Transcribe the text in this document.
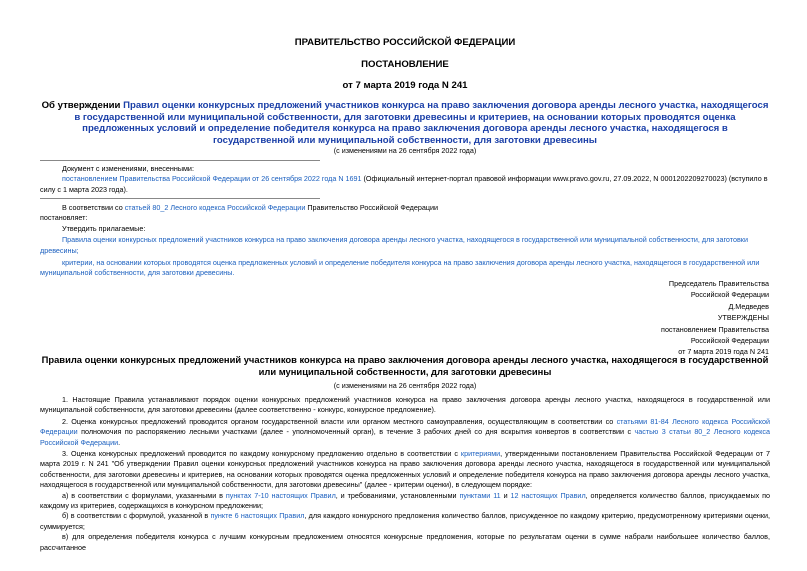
ПРАВИТЕЛЬСТВО РОССИЙСКОЙ ФЕДЕРАЦИИ
ПОСТАНОВЛЕНИЕ
от 7 марта 2019 года N 241
Об утверждении Правил оценки конкурсных предложений участников конкурса на право заключения договора аренды лесного участка, находящегося в государственной или муниципальной собственности, для заготовки древесины и критериев, на основании которых проводятся оценка предложенных условий и определение победителя конкурса на право заключения договора аренды лесного участка, находящегося в государственной или муниципальной собственности, для заготовки древесины
(с изменениями на 26 сентября 2022 года)

Документ с изменениями, внесенными:

постановлением Правительства Российской Федерации от 26 сентября 2022 года N 1691 (Официальный интернет-портал правовой информации www.pravo.gov.ru, 27.09.2022, N 0001202209270023) (вступило в силу с 1 марта 2023 года).

В соответствии со статьей 80_2 Лесного кодекса Российской Федерации Правительство Российской Федерации

постановляет:

Утвердить прилагаемые:

Правила оценки конкурсных предложений участников конкурса на право заключения договора аренды лесного участка, находящегося в государственной или муниципальной собственности, для заготовки древесины;

критерии, на основании которых проводятся оценка предложенных условий и определение победителя конкурса на право заключения договора аренды лесного участка, находящегося в государственной или муниципальной собственности, для заготовки древесины.

Председатель Правительства
Российской Федерации
Д.Медведев
УТВЕРЖДЕНЫ
постановлением Правительства
Российской Федерации
от 7 марта 2019 года N 241
Правила оценки конкурсных предложений участников конкурса на право заключения договора аренды лесного участка, находящегося в государственной или муниципальной собственности, для заготовки древесины
(с изменениями на 26 сентября 2022 года)

1. Настоящие Правила устанавливают порядок оценки конкурсных предложений участников конкурса на право заключения договора аренды лесного участка, находящегося в государственной или муниципальной собственности, для заготовки древесины (далее соответственно - конкурс, конкурсное предложение).

2. Оценка конкурсных предложений проводится органом государственной власти или органом местного самоуправления, осуществляющим в соответствии со статьями 81-84 Лесного кодекса Российской Федерации полномочия по распоряжению лесными участками (далее - уполномоченный орган), в течение 3 рабочих дней со дня вскрытия конвертов в соответствии с частью 3 статьи 80_2 Лесного кодекса Российской Федерации.

3. Оценка конкурсных предложений проводится по каждому конкурсному предложению отдельно в соответствии с критериями, утвержденными постановлением Правительства Российской Федерации от 7 марта 2019 г. N 241 "Об утверждении Правил оценки конкурсных предложений участников конкурса на право заключения договора аренды лесного участка, находящегося в государственной или муниципальной собственности, для заготовки древесины и критериев, на основании которых проводятся оценка предложенных условий и определение победителя конкурса на право заключения договора аренды лесного участка, находящегося в государственной или муниципальной собственности, для заготовки древесины" (далее - критерии оценки), в следующем порядке:

а) в соответствии с формулами, указанными в пунктах 7-10 настоящих Правил, и требованиями, установленными пунктами 11 и 12 настоящих Правил, определяется количество баллов, присуждаемых по каждому из критериев, содержащихся в конкурсном предложении;

б) в соответствии с формулой, указанной в пункте 6 настоящих Правил, для каждого конкурсного предложения количество баллов, присужденное по каждому критерию, предусмотренному критериями оценки, суммируется;

в) для определения победителя конкурса с лучшим конкурсным предложением относятся конкурсные предложения, которые по результатам оценки в сумме набрали наибольшее количество баллов, рассчитанное
